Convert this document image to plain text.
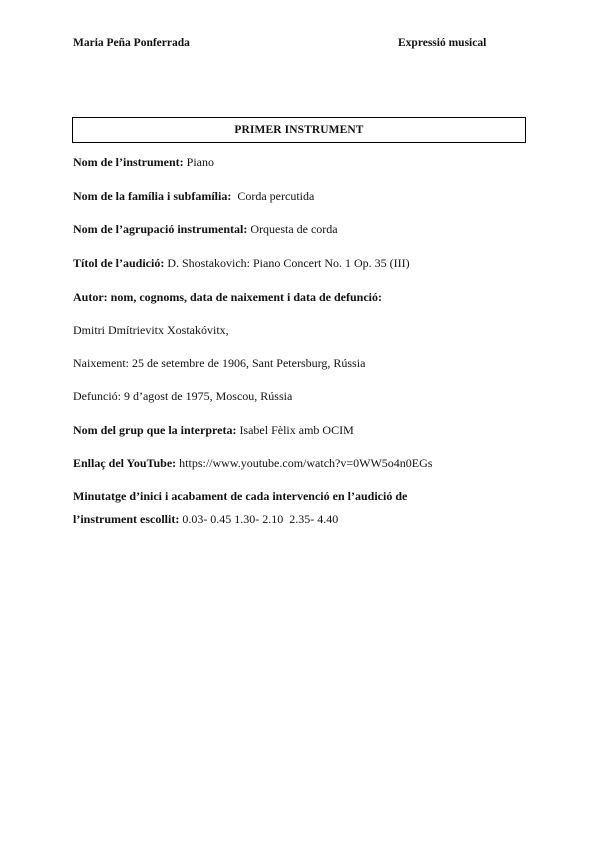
Maria Peña Ponferrada	Expressió musical
PRIMER INSTRUMENT
Nom de l’instrument: Piano
Nom de la família i subfamília:  Corda percutida
Nom de l’agrupació instrumental: Orquesta de corda
Títol de l’audició: D. Shostakovich: Piano Concert No. 1 Op. 35 (III)
Autor: nom, cognoms, data de naixement i data de defunció:
Dmitri Dmítrievitx Xostakóvitx,
Naixement: 25 de setembre de 1906, Sant Petersburg, Rússia
Defunció: 9 d’agost de 1975, Moscou, Rússia
Nom del grup que la interpreta: Isabel Fèlix amb OCIM
Enllaç del YouTube: https://www.youtube.com/watch?v=0WW5o4n0EGs
Minutatge d’inici i acabament de cada intervenció en l’audició de
l’instrument escollit: 0.03- 0.45 1.30- 2.10  2.35- 4.40
